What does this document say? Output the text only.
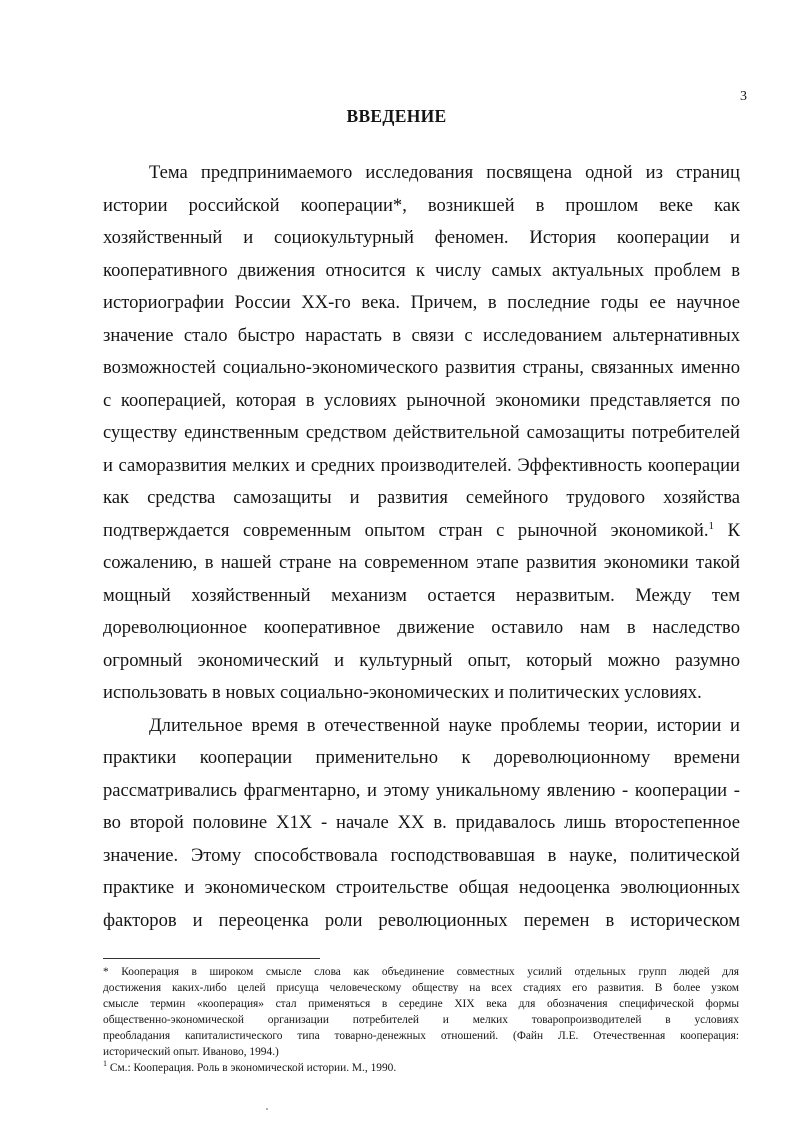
3
ВВЕДЕНИЕ
Тема предпринимаемого исследования посвящена одной из страниц
истории российской кооперации*, возникшей в прошлом веке как
хозяйственный и социокультурный феномен. История кооперации и
кооперативного движения относится к числу самых актуальных проблем в
историографии России ХХ-го века. Причем, в последние годы ее научное
значение стало быстро нарастать в связи с исследованием альтернативных
возможностей социально-экономического развития страны, связанных именно
с кооперацией, которая в условиях рыночной экономики представляется по
существу единственным средством действительной самозащиты потребителей
и саморазвития мелких и средних производителей. Эффективность кооперации
как средства самозащиты и развития семейного трудового хозяйства
подтверждается современным опытом стран с рыночной экономикой.$^1$ К
сожалению, в нашей стране на современном этапе развития экономики такой
мощный хозяйственный механизм остается неразвитым. Между тем
дореволюционное кооперативное движение оставило нам в наследство
огромный экономический и культурный опыт, который можно разумно
использовать в новых социально-экономических и политических условиях.
Длительное время в отечественной науке проблемы теории, истории и
практики кооперации применительно к дореволюционному времени
рассматривались фрагментарно, и этому уникальному явлению - кооперации -
во второй половине Х1Х - начале ХХ в. придавалось лишь второстепенное
значение. Этому способствовала господствовавшая в науке, политической
практике и экономическом строительстве общая недооценка эволюционных
факторов и переоценка роли революционных перемен в историческом
* Кооперация в широком смысле слова как объединение совместных усилий отдельных групп людей для
достижения каких-либо целей присуща человеческому обществу на всех стадиях его развития. В более узком
смысле термин «кооперация» стал применяться в середине XIX века для обозначения специфической формы
общественно-экономической организации потребителей и мелких товаропроизводителей в условиях
преобладания капиталистического типа товарно-денежных отношений. (Файн Л.Е. Отечественная кооперация:
исторический опыт. Иваново, 1994.)
$^1$ См.: Кооперация. Роль в экономической истории. М., 1990.
